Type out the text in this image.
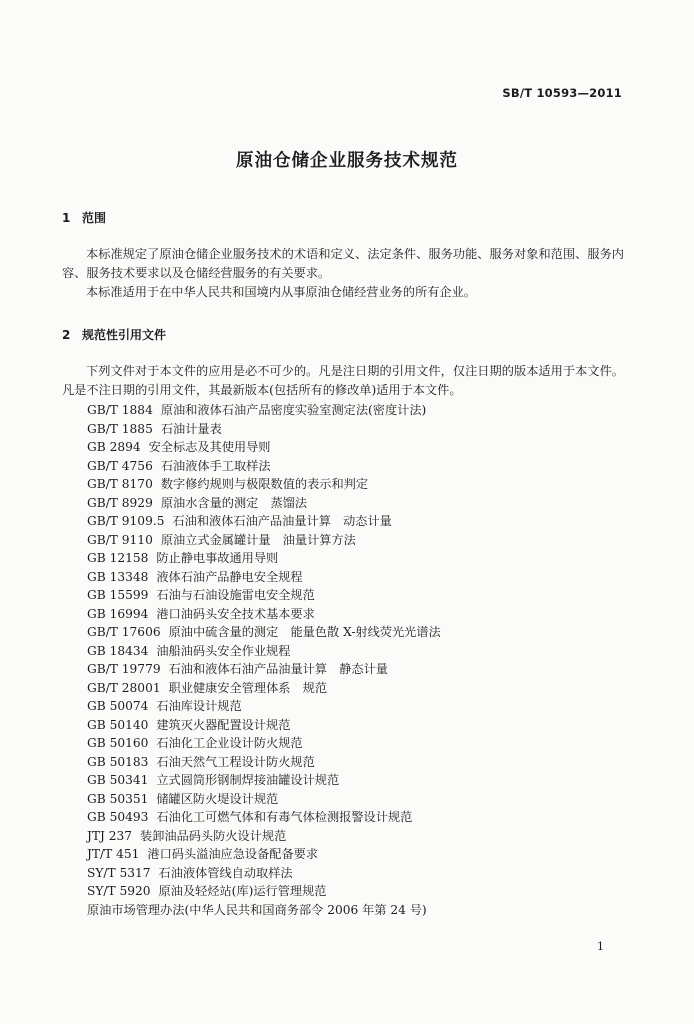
SB/T 10593—2011
原油仓储企业服务技术规范
1 范围
本标准规定了原油仓储企业服务技术的术语和定义、法定条件、服务功能、服务对象和范围、服务内容、服务技术要求以及仓储经营服务的有关要求。
本标准适用于在中华人民共和国境内从事原油仓储经营业务的所有企业。
2 规范性引用文件
下列文件对于本文件的应用是必不可少的。凡是注日期的引用文件，仅注日期的版本适用于本文件。凡是不注日期的引用文件，其最新版本(包括所有的修改单)适用于本文件。
GB/T 1884 原油和液体石油产品密度实验室测定法(密度计法)
GB/T 1885 石油计量表
GB 2894 安全标志及其使用导则
GB/T 4756 石油液体手工取样法
GB/T 8170 数字修约规则与极限数值的表示和判定
GB/T 8929 原油水含量的测定　蒸馏法
GB/T 9109.5 石油和液体石油产品油量计算　动态计量
GB/T 9110 原油立式金属罐计量　油量计算方法
GB 12158 防止静电事故通用导则
GB 13348 液体石油产品静电安全规程
GB 15599 石油与石油设施雷电安全规范
GB 16994 港口油码头安全技术基本要求
GB/T 17606 原油中硫含量的测定　能量色散 X-射线荧光光谱法
GB 18434 油船油码头安全作业规程
GB/T 19779 石油和液体石油产品油量计算　静态计量
GB/T 28001 职业健康安全管理体系　规范
GB 50074 石油库设计规范
GB 50140 建筑灭火器配置设计规范
GB 50160 石油化工企业设计防火规范
GB 50183 石油天然气工程设计防火规范
GB 50341 立式圆筒形钢制焊接油罐设计规范
GB 50351 储罐区防火堤设计规范
GB 50493 石油化工可燃气体和有毒气体检测报警设计规范
JTJ 237 装卸油品码头防火设计规范
JT/T 451 港口码头溢油应急设备配备要求
SY/T 5317 石油液体管线自动取样法
SY/T 5920 原油及轻烃站(库)运行管理规范
原油市场管理办法(中华人民共和国商务部令 2006 年第 24 号)
1
